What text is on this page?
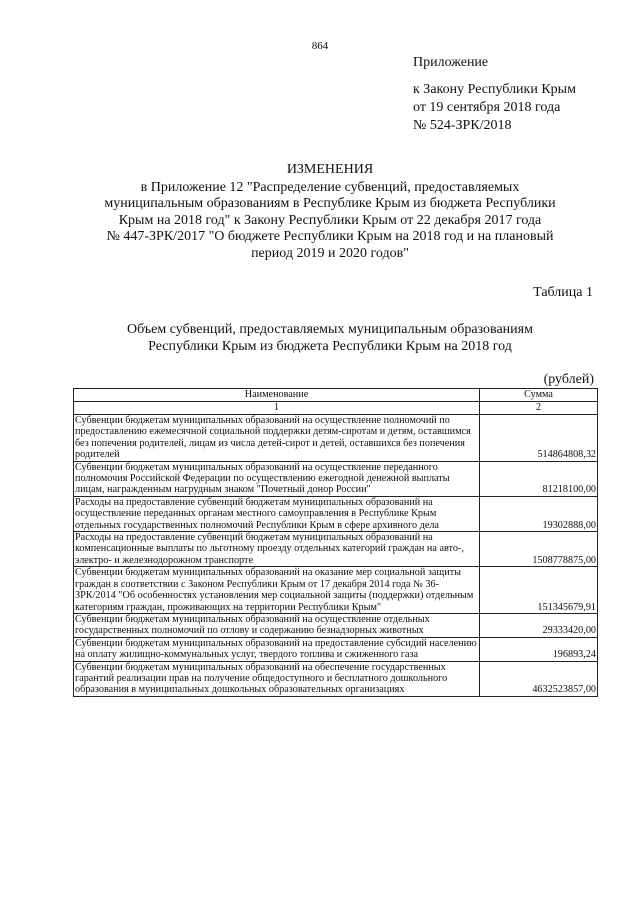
864
Приложение
к Закону Республики Крым
от 19 сентября 2018 года
№ 524-ЗРК/2018
ИЗМЕНЕНИЯ
в Приложение 12 "Распределение субвенций, предоставляемых
муниципальным образованиям в Республике Крым из бюджета Республики
Крым на 2018 год" к Закону Республики Крым от 22 декабря 2017 года
№ 447-ЗРК/2017 "О бюджете Республики Крым на 2018 год и на плановый
период 2019 и 2020 годов"
Таблица 1
Объем субвенций, предоставляемых муниципальным образованиям
Республики Крым из бюджета Республики Крым на 2018 год
(рублей)
Наименование	Сумма
1	2
Субвенции бюджетам муниципальных образований на осуществление полномочий по предоставлению ежемесячной социальной поддержки детям-сиротам и детям, оставшимся без попечения родителей, лицам из числа детей-сирот и детей, оставшихся без попечения родителей	514864808,32
Субвенции бюджетам муниципальных образований на осуществление переданного полномочия Российской Федерации по осуществлению ежегодной денежной выплаты лицам, награжденным нагрудным знаком "Почетный донор России"	81218100,00
Расходы на предоставление субвенций бюджетам муниципальных образований на осуществление переданных органам местного самоуправления в Республике Крым отдельных государственных полномочий Республики Крым в сфере архивного дела	19302888,00
Расходы на предоставление субвенций бюджетам муниципальных образований на компенсационные выплаты по льготному проезду отдельных категорий граждан на авто-, электро- и железнодорожном транспорте	1508778875,00
Субвенции бюджетам муниципальных образований на оказание мер социальной защиты граждан в соответствии с Законом Республики Крым от 17 декабря 2014 года № 36-ЗРК/2014 "Об особенностях установления мер социальной защиты (поддержки) отдельным категориям граждан, проживающих на территории Республики Крым"	151345679,91
Субвенции бюджетам муниципальных образований на осуществление отдельных государственных полномочий по отлову и содержанию безнадзорных животных	29333420,00
Субвенции бюджетам муниципальных образований на предоставление субсидий населению на оплату жилищно-коммунальных услуг, твердого топлива и сжиженного газа	196893,24
Субвенции бюджетам муниципальных образований на обеспечение государственных гарантий реализации прав на получение общедоступного и бесплатного дошкольного образования в муниципальных дошкольных образовательных организациях	4632523857,00
